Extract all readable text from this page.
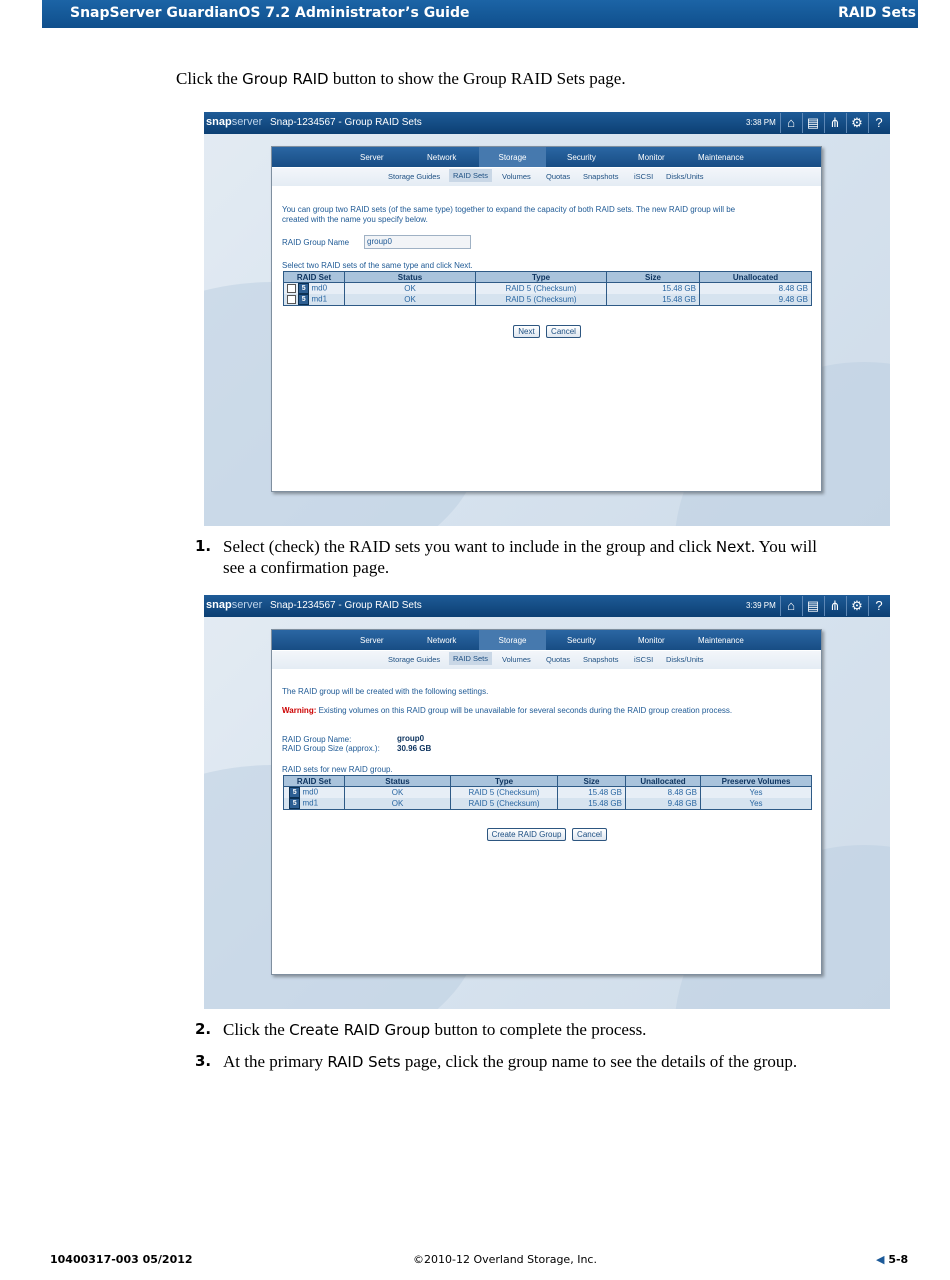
SnapServer GuardianOS 7.2 Administrator’s Guide	RAID Sets
Click the Group RAID button to show the Group RAID Sets page.
snapserver Snap-1234567 - Group RAID Sets	3:38 PM ⌂ ▤ ⋔ ⚙ ?
Server	Network	Storage	Security	Monitor	Maintenance
Storage Guides	RAID Sets	Volumes Quotas Snapshots iSCSI Disks/Units
You can group two RAID sets (of the same type) together to expand the capacity of both RAID sets. The new RAID group will be
created with the name you specify below.
RAID Group Name	group0
Select two RAID sets of the same type and click Next.
RAID Set	Status	Type	Size	Unallocated
5 md0	OK	RAID 5 (Checksum)	15.48 GB	8.48 GB
5 md1	OK	RAID 5 (Checksum)	15.48 GB	9.48 GB
Next	Cancel
1. Select (check) the RAID sets you want to include in the group and click Next. You will
see a confirmation page.
snapserver Snap-1234567 - Group RAID Sets	3:39 PM ⌂ ▤ ⋔ ⚙ ?
Server	Network	Storage	Security	Monitor	Maintenance
Storage Guides	RAID Sets	Volumes Quotas Snapshots iSCSI Disks/Units
The RAID group will be created with the following settings.
Warning: Existing volumes on this RAID group will be unavailable for several seconds during the RAID group creation process.
RAID Group Name:	group0
RAID Group Size (approx.): 30.96 GB
RAID sets for new RAID group.
RAID Set	Status	Type	Size	Unallocated	Preserve Volumes
5 md0	OK	RAID 5 (Checksum)	15.48 GB	8.48 GB	Yes
5 md1	OK	RAID 5 (Checksum)	15.48 GB	9.48 GB	Yes
Create RAID Group	Cancel
2. Click the Create RAID Group button to complete the process.
3. At the primary RAID Sets page, click the group name to see the details of the group.
10400317-003 05/2012	©2010-12 Overland Storage, Inc.	◀ 5-8
